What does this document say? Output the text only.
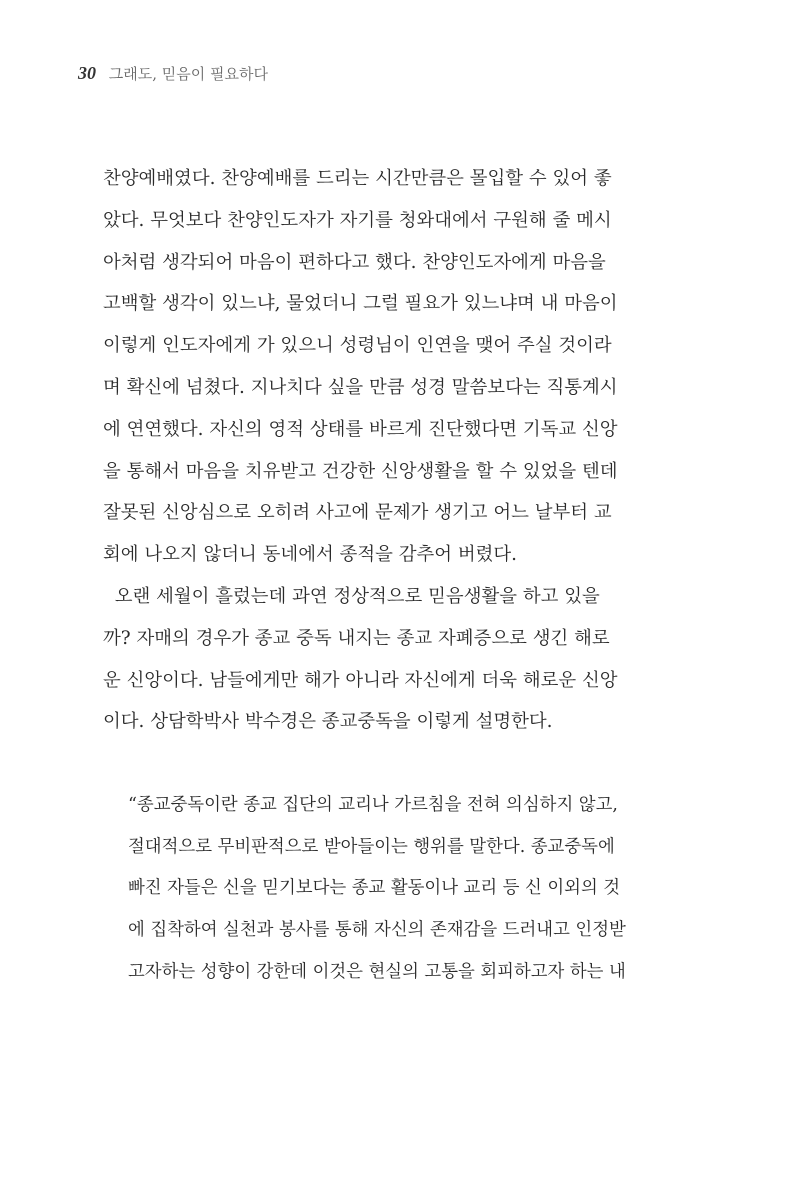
30 그래도, 믿음이 필요하다
찬양예배였다. 찬양예배를 드리는 시간만큼은 몰입할 수 있어 좋
았다. 무엇보다 찬양인도자가 자기를 청와대에서 구원해 줄 메시
아처럼 생각되어 마음이 편하다고 했다. 찬양인도자에게 마음을
고백할 생각이 있느냐, 물었더니 그럴 필요가 있느냐며 내 마음이
이렇게 인도자에게 가 있으니 성령님이 인연을 맺어 주실 것이라
며 확신에 넘쳤다. 지나치다 싶을 만큼 성경 말씀보다는 직통계시
에 연연했다. 자신의 영적 상태를 바르게 진단했다면 기독교 신앙
을 통해서 마음을 치유받고 건강한 신앙생활을 할 수 있었을 텐데
잘못된 신앙심으로 오히려 사고에 문제가 생기고 어느 날부터 교
회에 나오지 않더니 동네에서 종적을 감추어 버렸다.
오랜 세월이 흘렀는데 과연 정상적으로 믿음생활을 하고 있을
까? 자매의 경우가 종교 중독 내지는 종교 자폐증으로 생긴 해로
운 신앙이다. 남들에게만 해가 아니라 자신에게 더욱 해로운 신앙
이다. 상담학박사 박수경은 종교중독을 이렇게 설명한다.
“종교중독이란 종교 집단의 교리나 가르침을 전혀 의심하지 않고,
절대적으로 무비판적으로 받아들이는 행위를 말한다. 종교중독에
빠진 자들은 신을 믿기보다는 종교 활동이나 교리 등 신 이외의 것
에 집착하여 실천과 봉사를 통해 자신의 존재감을 드러내고 인정받
고자하는 성향이 강한데 이것은 현실의 고통을 회피하고자 하는 내
